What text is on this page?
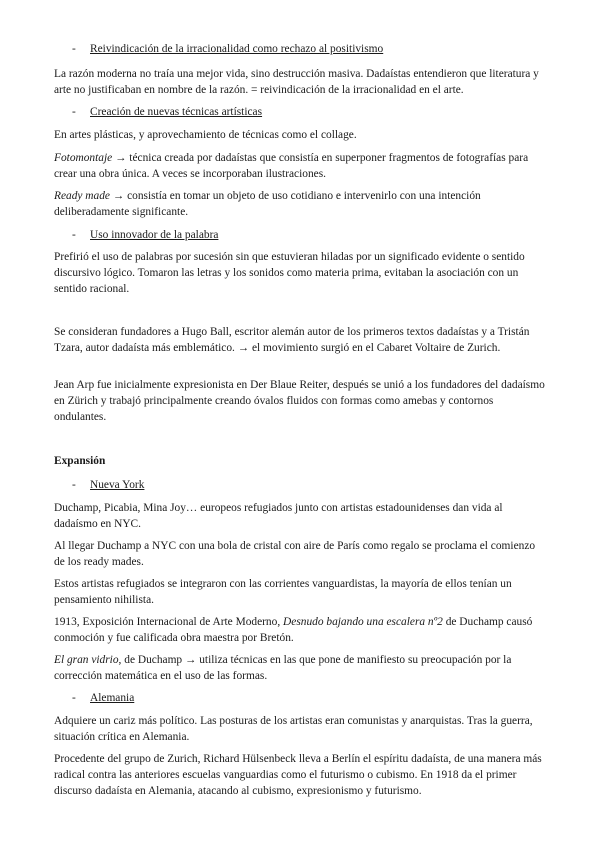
- Reivindicación de la irracionalidad como rechazo al positivismo

La razón moderna no traía una mejor vida, sino destrucción masiva. Dadaístas entendieron que literatura y arte no justificaban en nombre de la razón. = reivindicación de la irracionalidad en el arte.

- Creación de nuevas técnicas artísticas

En artes plásticas, y aprovechamiento de técnicas como el collage.

Fotomontaje → técnica creada por dadaístas que consistía en superponer fragmentos de fotografías para crear una obra única. A veces se incorporaban ilustraciones.

Ready made → consistía en tomar un objeto de uso cotidiano e intervenirlo con una intención deliberadamente significante.

- Uso innovador de la palabra

Prefirió el uso de palabras por sucesión sin que estuvieran hiladas por un significado evidente o sentido discursivo lógico. Tomaron las letras y los sonidos como materia prima, evitaban la asociación con un sentido racional.

Se consideran fundadores a Hugo Ball, escritor alemán autor de los primeros textos dadaístas y a Tristán Tzara, autor dadaísta más emblemático. → el movimiento surgió en el Cabaret Voltaire de Zurich.

Jean Arp fue inicialmente expresionista en Der Blaue Reiter, después se unió a los fundadores del dadaísmo en Zürich y trabajó principalmente creando óvalos fluidos con formas como amebas y contornos ondulantes.

Expansión

- Nueva York

Duchamp, Picabia, Mina Joy… europeos refugiados junto con artistas estadounidenses dan vida al dadaísmo en NYC.

Al llegar Duchamp a NYC con una bola de cristal con aire de París como regalo se proclama el comienzo de los ready mades.

Estos artistas refugiados se integraron con las corrientes vanguardistas, la mayoría de ellos tenían un pensamiento nihilista.

1913, Exposición Internacional de Arte Moderno, Desnudo bajando una escalera nº2 de Duchamp causó conmoción y fue calificada obra maestra por Bretón.

El gran vidrio, de Duchamp → utiliza técnicas en las que pone de manifiesto su preocupación por la corrección matemática en el uso de las formas.

- Alemania

Adquiere un cariz más político. Las posturas de los artistas eran comunistas y anarquistas. Tras la guerra, situación crítica en Alemania.

Procedente del grupo de Zurich, Richard Hülsenbeck lleva a Berlín el espíritu dadaísta, de una manera más radical contra las anteriores escuelas vanguardias como el futurismo o cubismo. En 1918 da el primer discurso dadaísta en Alemania, atacando al cubismo, expresionismo y futurismo.
